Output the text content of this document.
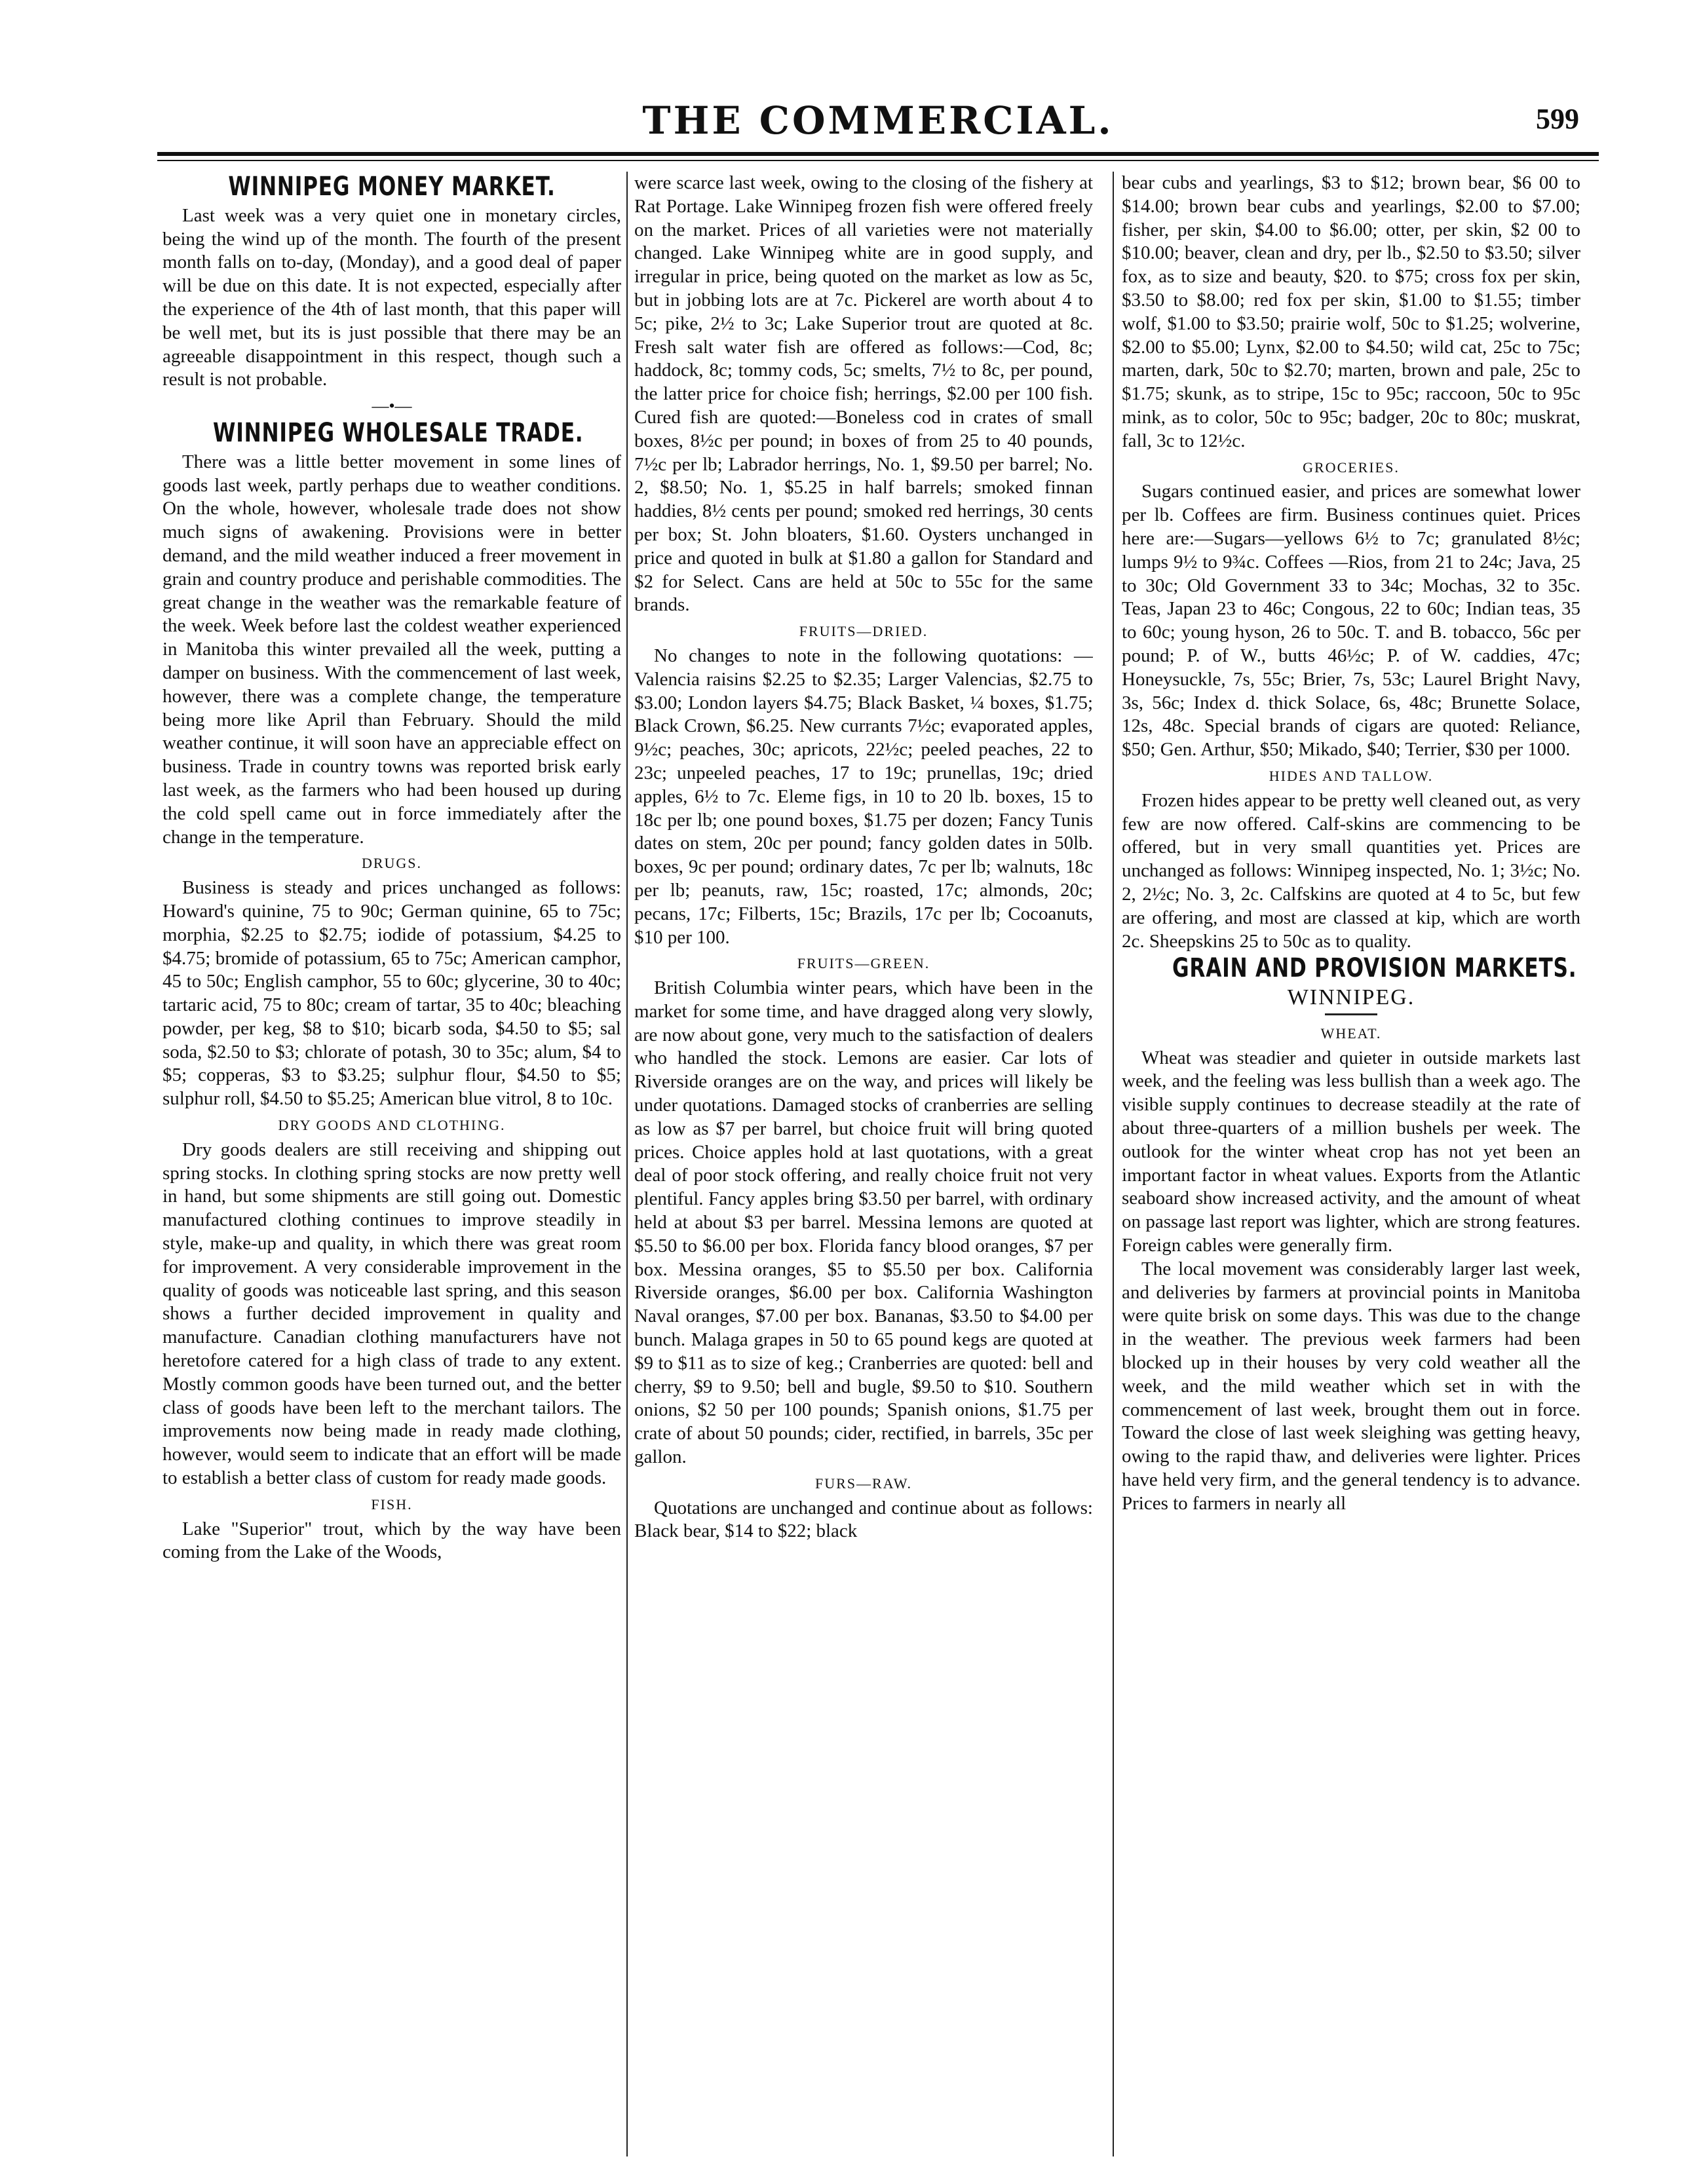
THE COMMERCIAL.	599
WINNIPEG MONEY MARKET.

Last week was a very quiet one in monetary circles, being the wind up of the month. The fourth of the present month falls on to-day, (Monday), and a good deal of paper will be due on this date. It is not expected, especially after the experience of the 4th of last month, that this paper will be well met, but its is just possible that there may be an agreeable disappointment in this respect, though such a result is not probable.

—•—
WINNIPEG WHOLESALE TRADE.

There was a little better movement in some lines of goods last week, partly perhaps due to weather conditions. On the whole, however, wholesale trade does not show much signs of awakening. Provisions were in better demand, and the mild weather induced a freer movement in grain and country produce and perishable commodities. The great change in the weather was the remarkable feature of the week. Week before last the coldest weather experienced in Manitoba this winter prevailed all the week, putting a damper on business. With the commencement of last week, however, there was a complete change, the temperature being more like April than February. Should the mild weather continue, it will soon have an appreciable effect on business. Trade in country towns was reported brisk early last week, as the farmers who had been housed up during the cold spell came out in force immediately after the change in the temperature.

DRUGS.

Business is steady and prices unchanged as follows: Howard's quinine, 75 to 90c; German quinine, 65 to 75c; morphia, $2.25 to $2.75; iodide of potassium, $4.25 to $4.75; bromide of potassium, 65 to 75c; American camphor, 45 to 50c; English camphor, 55 to 60c; glycerine, 30 to 40c; tartaric acid, 75 to 80c; cream of tartar, 35 to 40c; bleaching powder, per keg, $8 to $10; bicarb soda, $4.50 to $5; sal soda, $2.50 to $3; chlorate of potash, 30 to 35c; alum, $4 to $5; copperas, $3 to $3.25; sulphur flour, $4.50 to $5; sulphur roll, $4.50 to $5.25; American blue vitrol, 8 to 10c.

DRY GOODS AND CLOTHING.

Dry goods dealers are still receiving and shipping out spring stocks. In clothing spring stocks are now pretty well in hand, but some shipments are still going out. Domestic manufactured clothing continues to improve steadily in style, make-up and quality, in which there was great room for improvement. A very considerable improvement in the quality of goods was noticeable last spring, and this season shows a further decided improvement in quality and manufacture. Canadian clothing manufacturers have not heretofore catered for a high class of trade to any extent. Mostly common goods have been turned out, and the better class of goods have been left to the merchant tailors. The improvements now being made in ready made clothing, however, would seem to indicate that an effort will be made to establish a better class of custom for ready made goods.

FISH.

Lake "Superior" trout, which by the way have been coming from the Lake of the Woods,

were scarce last week, owing to the closing of the fishery at Rat Portage. Lake Winnipeg frozen fish were offered freely on the market. Prices of all varieties were not materially changed. Lake Winnipeg white are in good supply, and irregular in price, being quoted on the market as low as 5c, but in jobbing lots are at 7c. Pickerel are worth about 4 to 5c; pike, 2½ to 3c; Lake Superior trout are quoted at 8c. Fresh salt water fish are offered as follows:—Cod, 8c; haddock, 8c; tommy cods, 5c; smelts, 7½ to 8c, per pound, the latter price for choice fish; herrings, $2.00 per 100 fish. Cured fish are quoted:—Boneless cod in crates of small boxes, 8½c per pound; in boxes of from 25 to 40 pounds, 7½c per lb; Labrador herrings, No. 1, $9.50 per barrel; No. 2, $8.50; No. 1, $5.25 in half barrels; smoked finnan haddies, 8½ cents per pound; smoked red herrings, 30 cents per box; St. John bloaters, $1.60. Oysters unchanged in price and quoted in bulk at $1.80 a gallon for Standard and $2 for Select. Cans are held at 50c to 55c for the same brands.

FRUITS—DRIED.

No changes to note in the following quotations: — Valencia raisins $2.25 to $2.35; Larger Valencias, $2.75 to $3.00; London layers $4.75; Black Basket, ¼ boxes, $1.75; Black Crown, $6.25. New currants 7½c; evaporated apples, 9½c; peaches, 30c; apricots, 22½c; peeled peaches, 22 to 23c; unpeeled peaches, 17 to 19c; prunellas, 19c; dried apples, 6½ to 7c. Eleme figs, in 10 to 20 lb. boxes, 15 to 18c per lb; one pound boxes, $1.75 per dozen; Fancy Tunis dates on stem, 20c per pound; fancy golden dates in 50lb. boxes, 9c per pound; ordinary dates, 7c per lb; walnuts, 18c per lb; peanuts, raw, 15c; roasted, 17c; almonds, 20c; pecans, 17c; Filberts, 15c; Brazils, 17c per lb; Cocoanuts, $10 per 100.

FRUITS—GREEN.

British Columbia winter pears, which have been in the market for some time, and have dragged along very slowly, are now about gone, very much to the satisfaction of dealers who handled the stock. Lemons are easier. Car lots of Riverside oranges are on the way, and prices will likely be under quotations. Damaged stocks of cranberries are selling as low as $7 per barrel, but choice fruit will bring quoted prices. Choice apples hold at last quotations, with a great deal of poor stock offering, and really choice fruit not very plentiful. Fancy apples bring $3.50 per barrel, with ordinary held at about $3 per barrel. Messina lemons are quoted at $5.50 to $6.00 per box. Florida fancy blood oranges, $7 per box. Messina oranges, $5 to $5.50 per box. California Riverside oranges, $6.00 per box. California Washington Naval oranges, $7.00 per box. Bananas, $3.50 to $4.00 per bunch. Malaga grapes in 50 to 65 pound kegs are quoted at $9 to $11 as to size of keg.; Cranberries are quoted: bell and cherry, $9 to 9.50; bell and bugle, $9.50 to $10. Southern onions, $2 50 per 100 pounds; Spanish onions, $1.75 per crate of about 50 pounds; cider, rectified, in barrels, 35c per gallon.

FURS—RAW.

Quotations are unchanged and continue about as follows: Black bear, $14 to $22; black

bear cubs and yearlings, $3 to $12; brown bear, $6 00 to $14.00; brown bear cubs and yearlings, $2.00 to $7.00; fisher, per skin, $4.00 to $6.00; otter, per skin, $2 00 to $10.00; beaver, clean and dry, per lb., $2.50 to $3.50; silver fox, as to size and beauty, $20. to $75; cross fox per skin, $3.50 to $8.00; red fox per skin, $1.00 to $1.55; timber wolf, $1.00 to $3.50; prairie wolf, 50c to $1.25; wolverine, $2.00 to $5.00; Lynx, $2.00 to $4.50; wild cat, 25c to 75c; marten, dark, 50c to $2.70; marten, brown and pale, 25c to $1.75; skunk, as to stripe, 15c to 95c; raccoon, 50c to 95c mink, as to color, 50c to 95c; badger, 20c to 80c; muskrat, fall, 3c to 12½c.

GROCERIES.

Sugars continued easier, and prices are somewhat lower per lb. Coffees are firm. Business continues quiet. Prices here are:—Sugars—yellows 6½ to 7c; granulated 8½c; lumps 9½ to 9¾c. Coffees —Rios, from 21 to 24c; Java, 25 to 30c; Old Government 33 to 34c; Mochas, 32 to 35c. Teas, Japan 23 to 46c; Congous, 22 to 60c; Indian teas, 35 to 60c; young hyson, 26 to 50c. T. and B. tobacco, 56c per pound; P. of W., butts 46½c; P. of W. caddies, 47c; Honeysuckle, 7s, 55c; Brier, 7s, 53c; Laurel Bright Navy, 3s, 56c; Index d. thick Solace, 6s, 48c; Brunette Solace, 12s, 48c. Special brands of cigars are quoted: Reliance, $50; Gen. Arthur, $50; Mikado, $40; Terrier, $30 per 1000.

HIDES AND TALLOW.

Frozen hides appear to be pretty well cleaned out, as very few are now offered. Calf-skins are commencing to be offered, but in very small quantities yet. Prices are unchanged as follows: Winnipeg inspected, No. 1; 3½c; No. 2, 2½c; No. 3, 2c. Calfskins are quoted at 4 to 5c, but few are offering, and most are classed at kip, which are worth 2c. Sheepskins 25 to 50c as to quality.

GRAIN AND PROVISION MARKETS.
WINNIPEG.
WHEAT.

Wheat was steadier and quieter in outside markets last week, and the feeling was less bullish than a week ago. The visible supply continues to decrease steadily at the rate of about three-quarters of a million bushels per week. The outlook for the winter wheat crop has not yet been an important factor in wheat values. Exports from the Atlantic seaboard show increased activity, and the amount of wheat on passage last report was lighter, which are strong features. Foreign cables were generally firm.

The local movement was considerably larger last week, and deliveries by farmers at provincial points in Manitoba were quite brisk on some days. This was due to the change in the weather. The previous week farmers had been blocked up in their houses by very cold weather all the week, and the mild weather which set in with the commencement of last week, brought them out in force. Toward the close of last week sleighing was getting heavy, owing to the rapid thaw, and deliveries were lighter. Prices have held very firm, and the general tendency is to advance. Prices to farmers in nearly all
